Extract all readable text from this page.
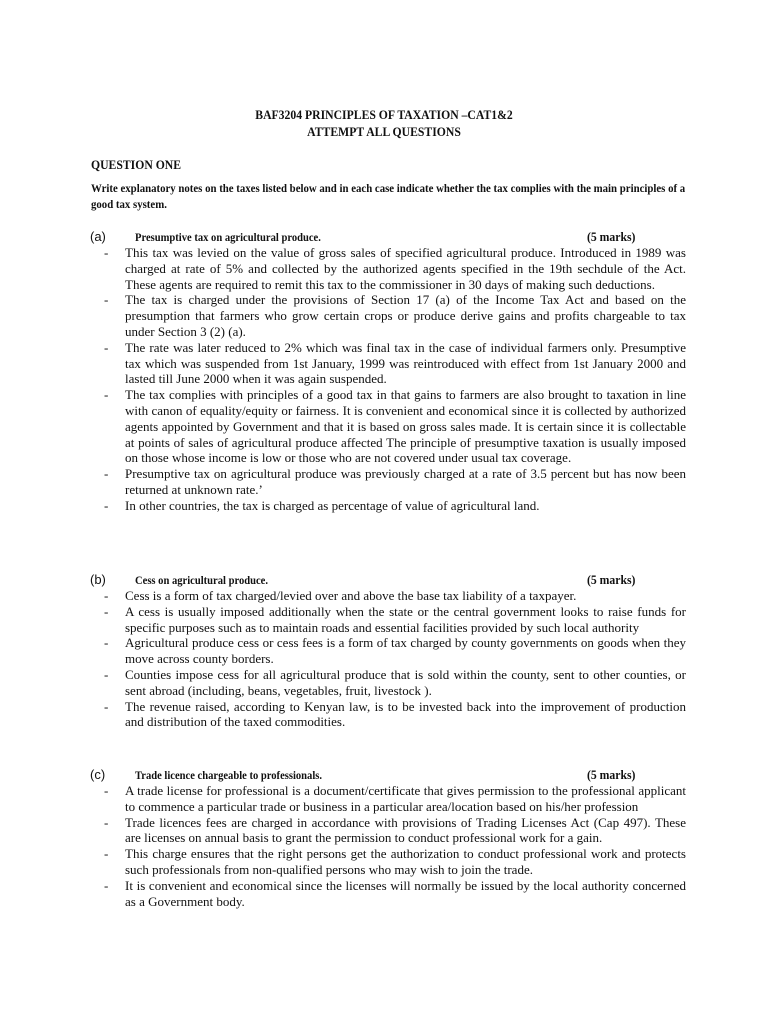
BAF3204 PRINCIPLES OF TAXATION –CAT1&2
ATTEMPT ALL QUESTIONS
QUESTION ONE
Write explanatory notes on the taxes listed below and in each case indicate whether the tax complies with the main principles of a good tax system.
(a) Presumptive tax on agricultural produce.	(5 marks)
- This tax was levied on the value of gross sales of specified agricultural produce. Introduced in 1989 was charged at rate of 5% and collected by the authorized agents specified in the 19th sechdule of the Act. These agents are required to remit this tax to the commissioner in 30 days of making such deductions.
- The tax is charged under the provisions of Section 17 (a) of the Income Tax Act and based on the presumption that farmers who grow certain crops or produce derive gains and profits chargeable to tax under Section 3 (2) (a).
- The rate was later reduced to 2% which was final tax in the case of individual farmers only. Presumptive tax which was suspended from 1st January, 1999 was reintroduced with effect from 1st January 2000 and lasted till June 2000 when it was again suspended.
- The tax complies with principles of a good tax in that gains to farmers are also brought to taxation in line with canon of equality/equity or fairness. It is convenient and economical since it is collected by authorized agents appointed by Government and that it is based on gross sales made. It is certain since it is collectable at points of sales of agricultural produce affected The principle of presumptive taxation is usually imposed on those whose income is low or those who are not covered under usual tax coverage.
- Presumptive tax on agricultural produce was previously charged at a rate of 3.5 percent but has now been returned at unknown rate.’
- In other countries, the tax is charged as percentage of value of agricultural land.
(b) Cess on agricultural produce.	(5 marks)
- Cess is a form of tax charged/levied over and above the base tax liability of a taxpayer.
- A cess is usually imposed additionally when the state or the central government looks to raise funds for specific purposes such as to maintain roads and essential facilities provided by such local authority
- Agricultural produce cess or cess fees is a form of tax charged by county governments on goods when they move across county borders.
- Counties impose cess for all agricultural produce that is sold within the county, sent to other counties, or sent abroad (including, beans, vegetables, fruit, livestock ).
- The revenue raised, according to Kenyan law, is to be invested back into the improvement of production and distribution of the taxed commodities.
(c) Trade licence chargeable to professionals.	(5 marks)
- A trade license for professional is a document/certificate that gives permission to the professional applicant to commence a particular trade or business in a particular area/location based on his/her profession
- Trade licences fees are charged in accordance with provisions of Trading Licenses Act (Cap 497). These are licenses on annual basis to grant the permission to conduct professional work for a gain.
- This charge ensures that the right persons get the authorization to conduct professional work and protects such professionals from non-qualified persons who may wish to join the trade.
- It is convenient and economical since the licenses will normally be issued by the local authority concerned as a Government body.
